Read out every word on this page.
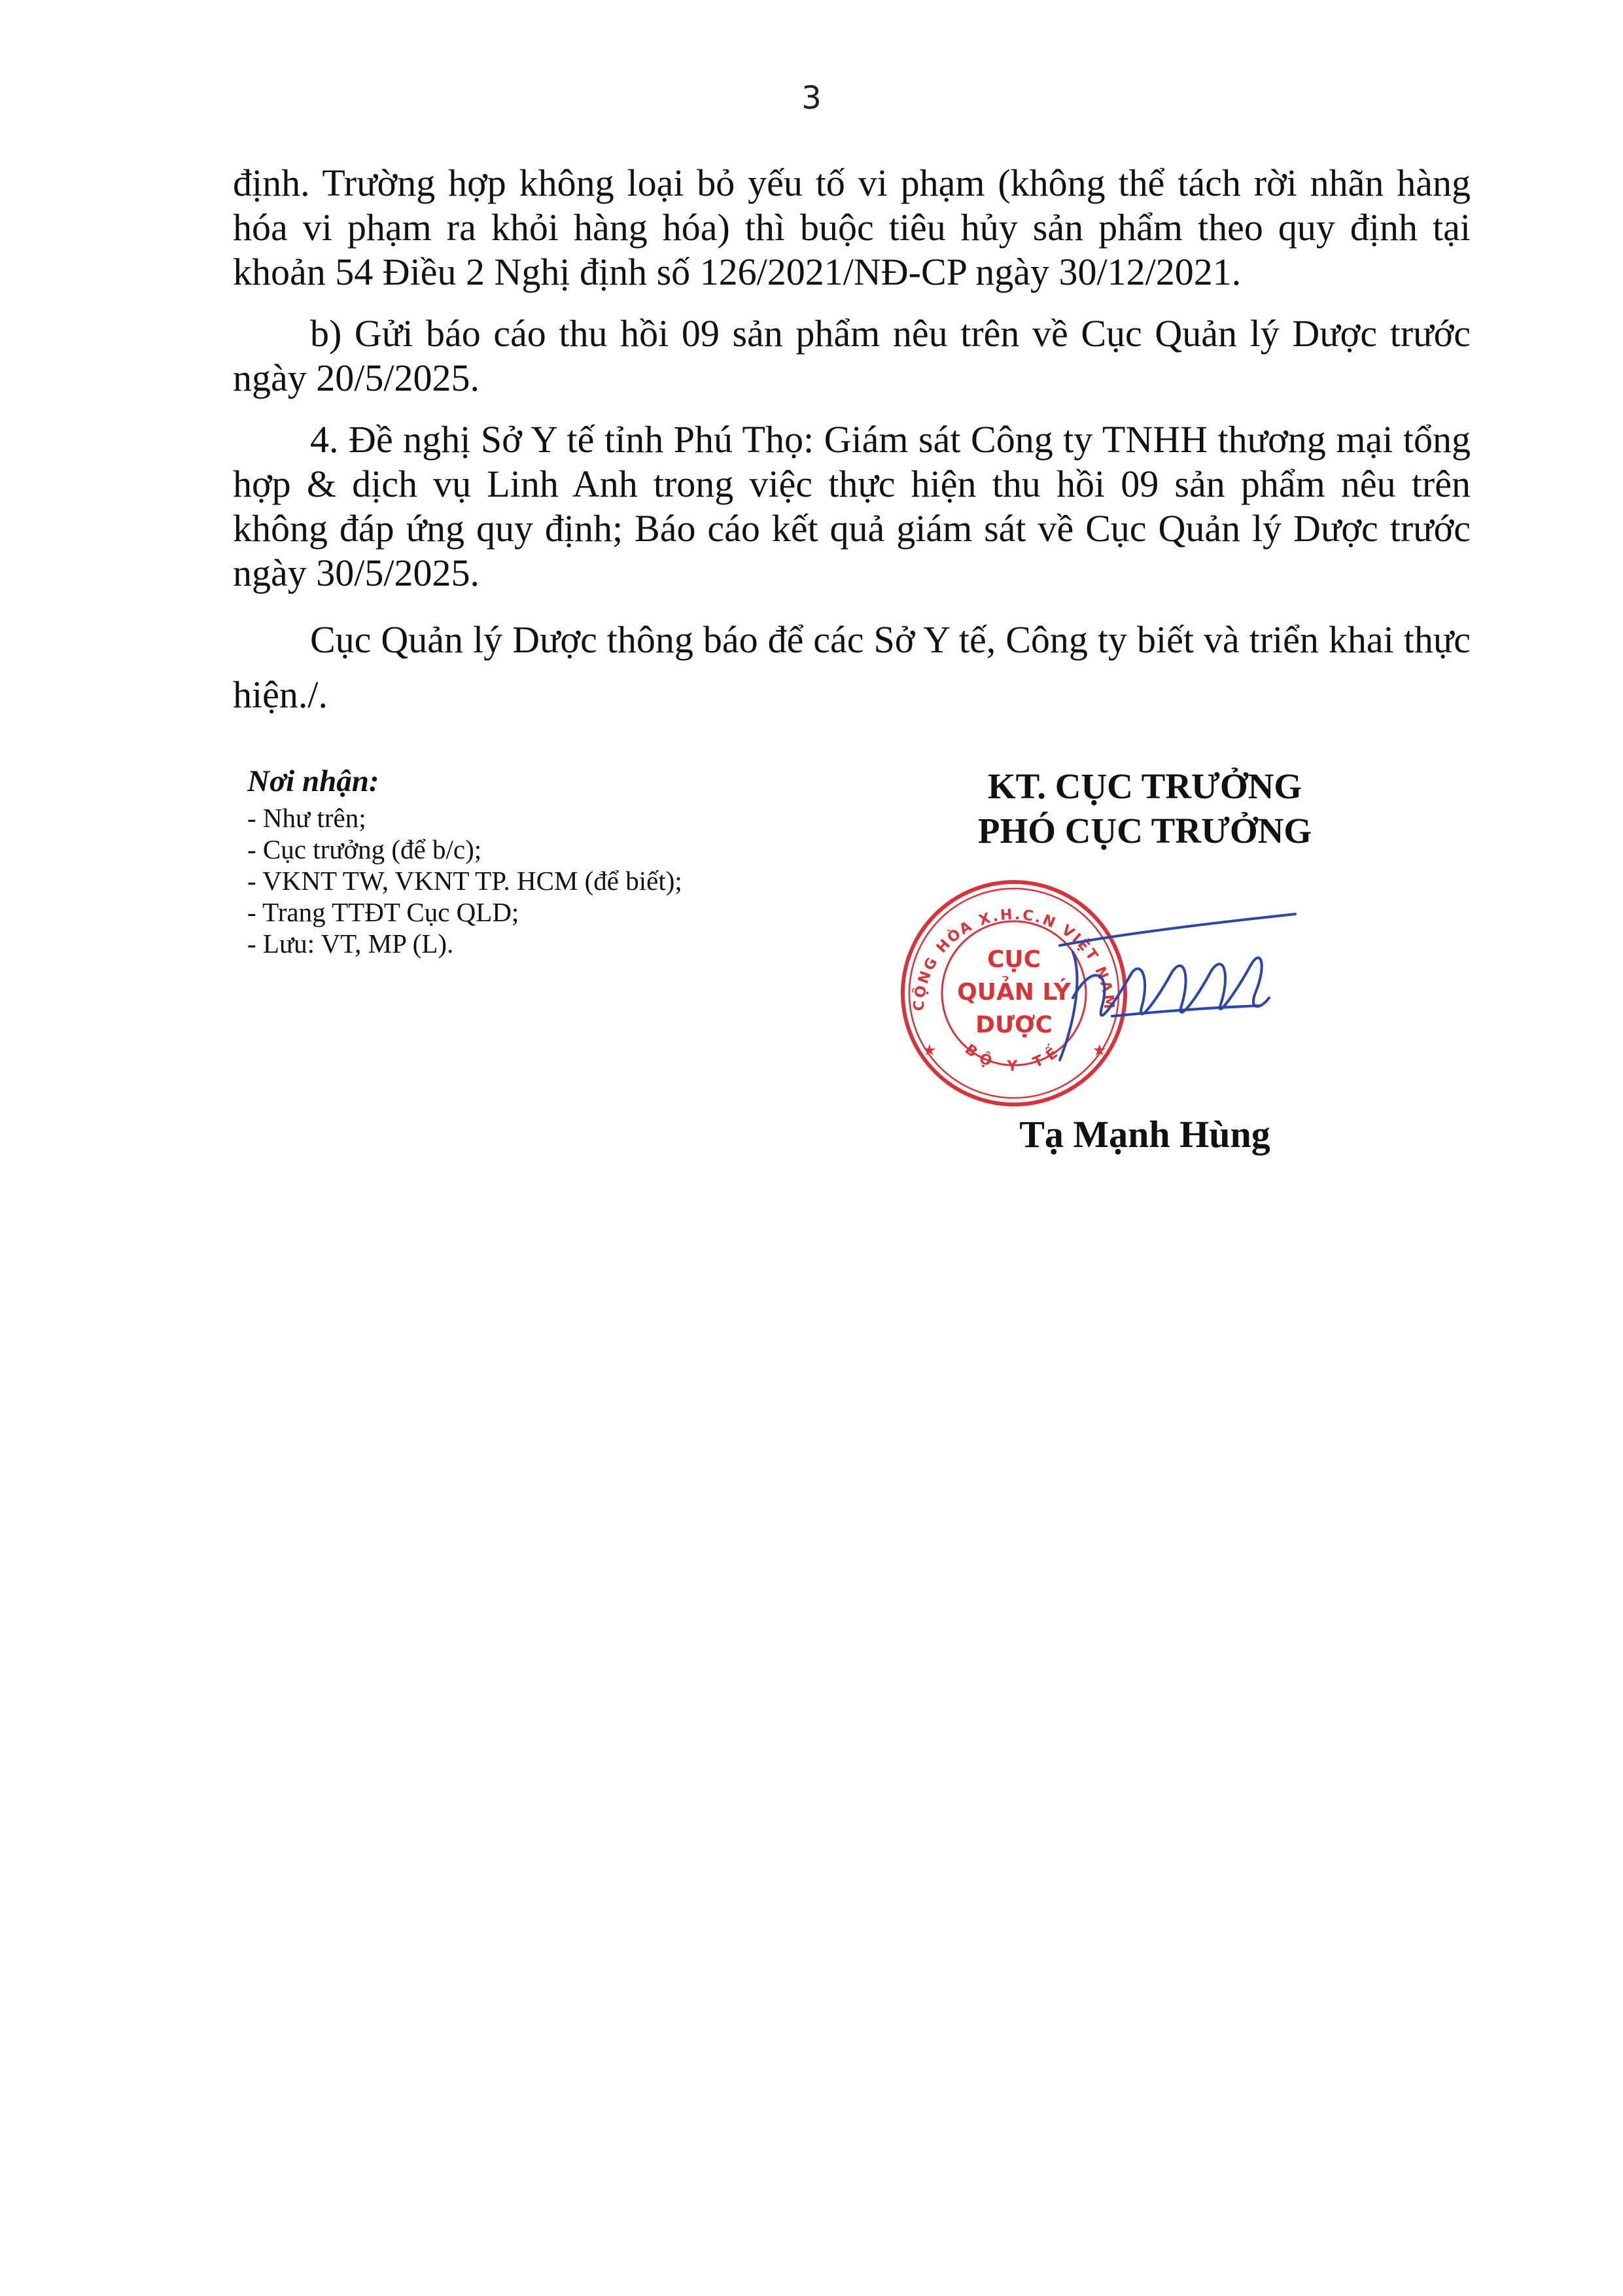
3

định. Trường hợp không loại bỏ yếu tố vi phạm (không thể tách rời nhãn hàng hóa vi phạm ra khỏi hàng hóa) thì buộc tiêu hủy sản phẩm theo quy định tại khoản 54 Điều 2 Nghị định số 126/2021/NĐ-CP ngày 30/12/2021.

b) Gửi báo cáo thu hồi 09 sản phẩm nêu trên về Cục Quản lý Dược trước ngày 20/5/2025.

4. Đề nghị Sở Y tế tỉnh Phú Thọ: Giám sát Công ty TNHH thương mại tổng hợp & dịch vụ Linh Anh trong việc thực hiện thu hồi 09 sản phẩm nêu trên không đáp ứng quy định; Báo cáo kết quả giám sát về Cục Quản lý Dược trước ngày 30/5/2025.

Cục Quản lý Dược thông báo để các Sở Y tế, Công ty biết và triển khai thực hiện./.

Nơi nhận:
- Như trên;
- Cục trưởng (để b/c);
- VKNT TW, VKNT TP. HCM (để biết);
- Trang TTĐT Cục QLD;
- Lưu: VT, MP (L).
KT. CỤC TRƯỞNG
PHÓ CỤC TRƯỞNG
CỘNG HÒA X.H.C.N VIỆT NAM
BỘ Y TẾ
CỤC
QUẢN LÝ
DƯỢC
★	★
Tạ Mạnh Hùng
